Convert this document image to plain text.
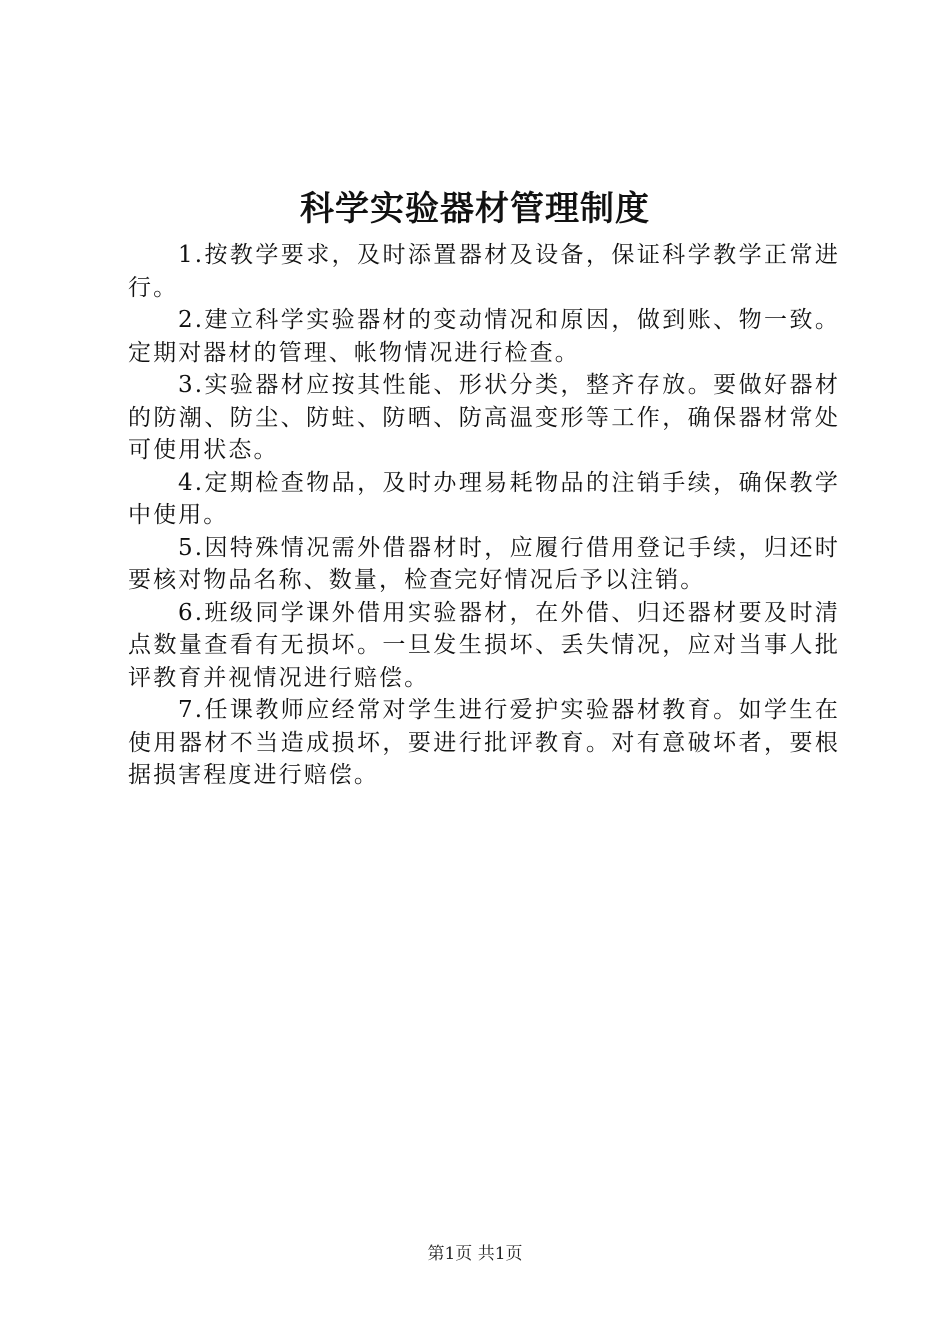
科学实验器材管理制度

1.按教学要求，及时添置器材及设备，保证科学教学正常进行。

2.建立科学实验器材的变动情况和原因，做到账、物一致。定期对器材的管理、帐物情况进行检查。

3.实验器材应按其性能、形状分类，整齐存放。要做好器材的防潮、防尘、防蛀、防晒、防高温变形等工作，确保器材常处可使用状态。

4.定期检查物品，及时办理易耗物品的注销手续，确保教学中使用。

5.因特殊情况需外借器材时，应履行借用登记手续，归还时要核对物品名称、数量，检查完好情况后予以注销。

6.班级同学课外借用实验器材，在外借、归还器材要及时清点数量查看有无损坏。一旦发生损坏、丢失情况，应对当事人批评教育并视情况进行赔偿。

7.任课教师应经常对学生进行爱护实验器材教育。如学生在使用器材不当造成损坏，要进行批评教育。对有意破坏者，要根据损害程度进行赔偿。

第1页 共1页
